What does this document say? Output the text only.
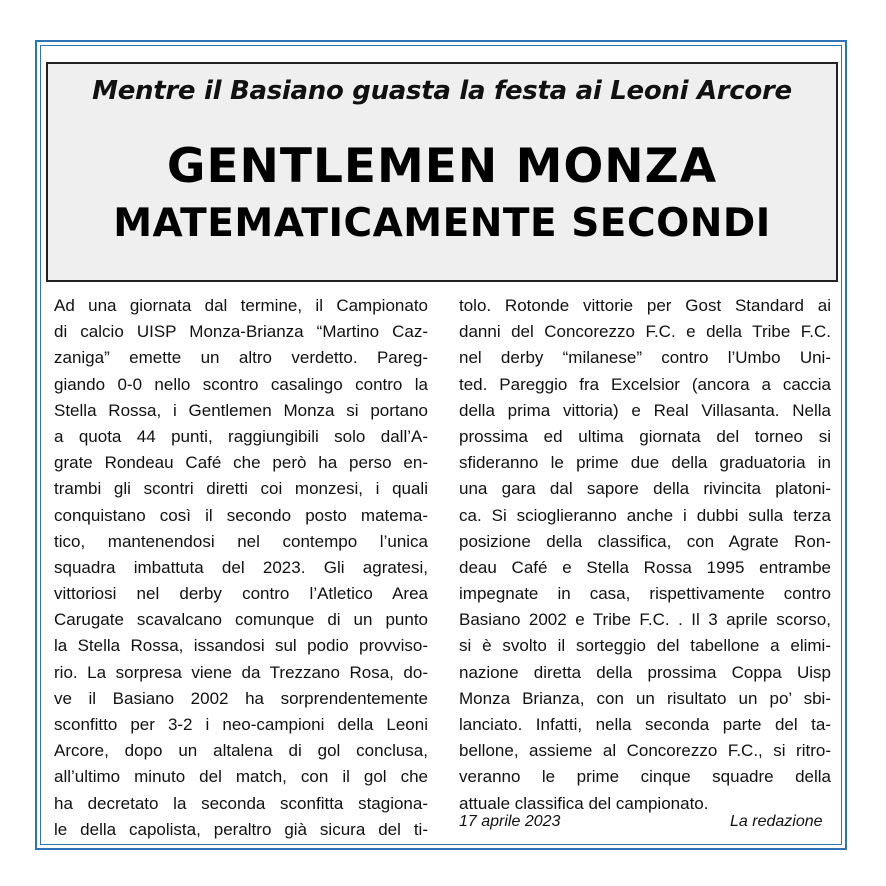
Mentre il Basiano guasta la festa ai Leoni Arcore
GENTLEMEN MONZA
MATEMATICAMENTE SECONDI
Ad una giornata dal termine, il Campionato
di calcio UISP Monza-Brianza “Martino Caz-
zaniga” emette un altro verdetto. Pareg-
giando 0-0 nello scontro casalingo contro la
Stella Rossa, i Gentlemen Monza si portano
a quota 44 punti, raggiungibili solo dall’A-
grate Rondeau Café che però ha perso en-
trambi gli scontri diretti coi monzesi, i quali
conquistano così il secondo posto matema-
tico, mantenendosi nel contempo l’unica
squadra imbattuta del 2023. Gli agratesi,
vittoriosi nel derby contro l’Atletico Area
Carugate scavalcano comunque di un punto
la Stella Rossa, issandosi sul podio provviso-
rio. La sorpresa viene da Trezzano Rosa, do-
ve il Basiano 2002 ha sorprendentemente
sconfitto per 3-2 i neo-campioni della Leoni
Arcore, dopo un altalena di gol conclusa,
all’ultimo minuto del match, con il gol che
ha decretato la seconda sconfitta stagiona-
le della capolista, peraltro già sicura del ti-
tolo. Rotonde vittorie per Gost Standard ai
danni del Concorezzo F.C. e della Tribe F.C.
nel derby “milanese” contro l’Umbo Uni-
ted. Pareggio fra Excelsior (ancora a caccia
della prima vittoria) e Real Villasanta. Nella
prossima ed ultima giornata del torneo si
sfideranno le prime due della graduatoria in
una gara dal sapore della rivincita platoni-
ca. Si scioglieranno anche i dubbi sulla terza
posizione della classifica, con Agrate Ron-
deau Café e Stella Rossa 1995 entrambe
impegnate in casa, rispettivamente contro
Basiano 2002 e Tribe F.C. . Il 3 aprile scorso,
si è svolto il sorteggio del tabellone a elimi-
nazione diretta della prossima Coppa Uisp
Monza Brianza, con un risultato un po’ sbi-
lanciato. Infatti, nella seconda parte del ta-
bellone, assieme al Concorezzo F.C., si ritro-
veranno le prime cinque squadre della
attuale classifica del campionato.
17 aprile 2023	La redazione
